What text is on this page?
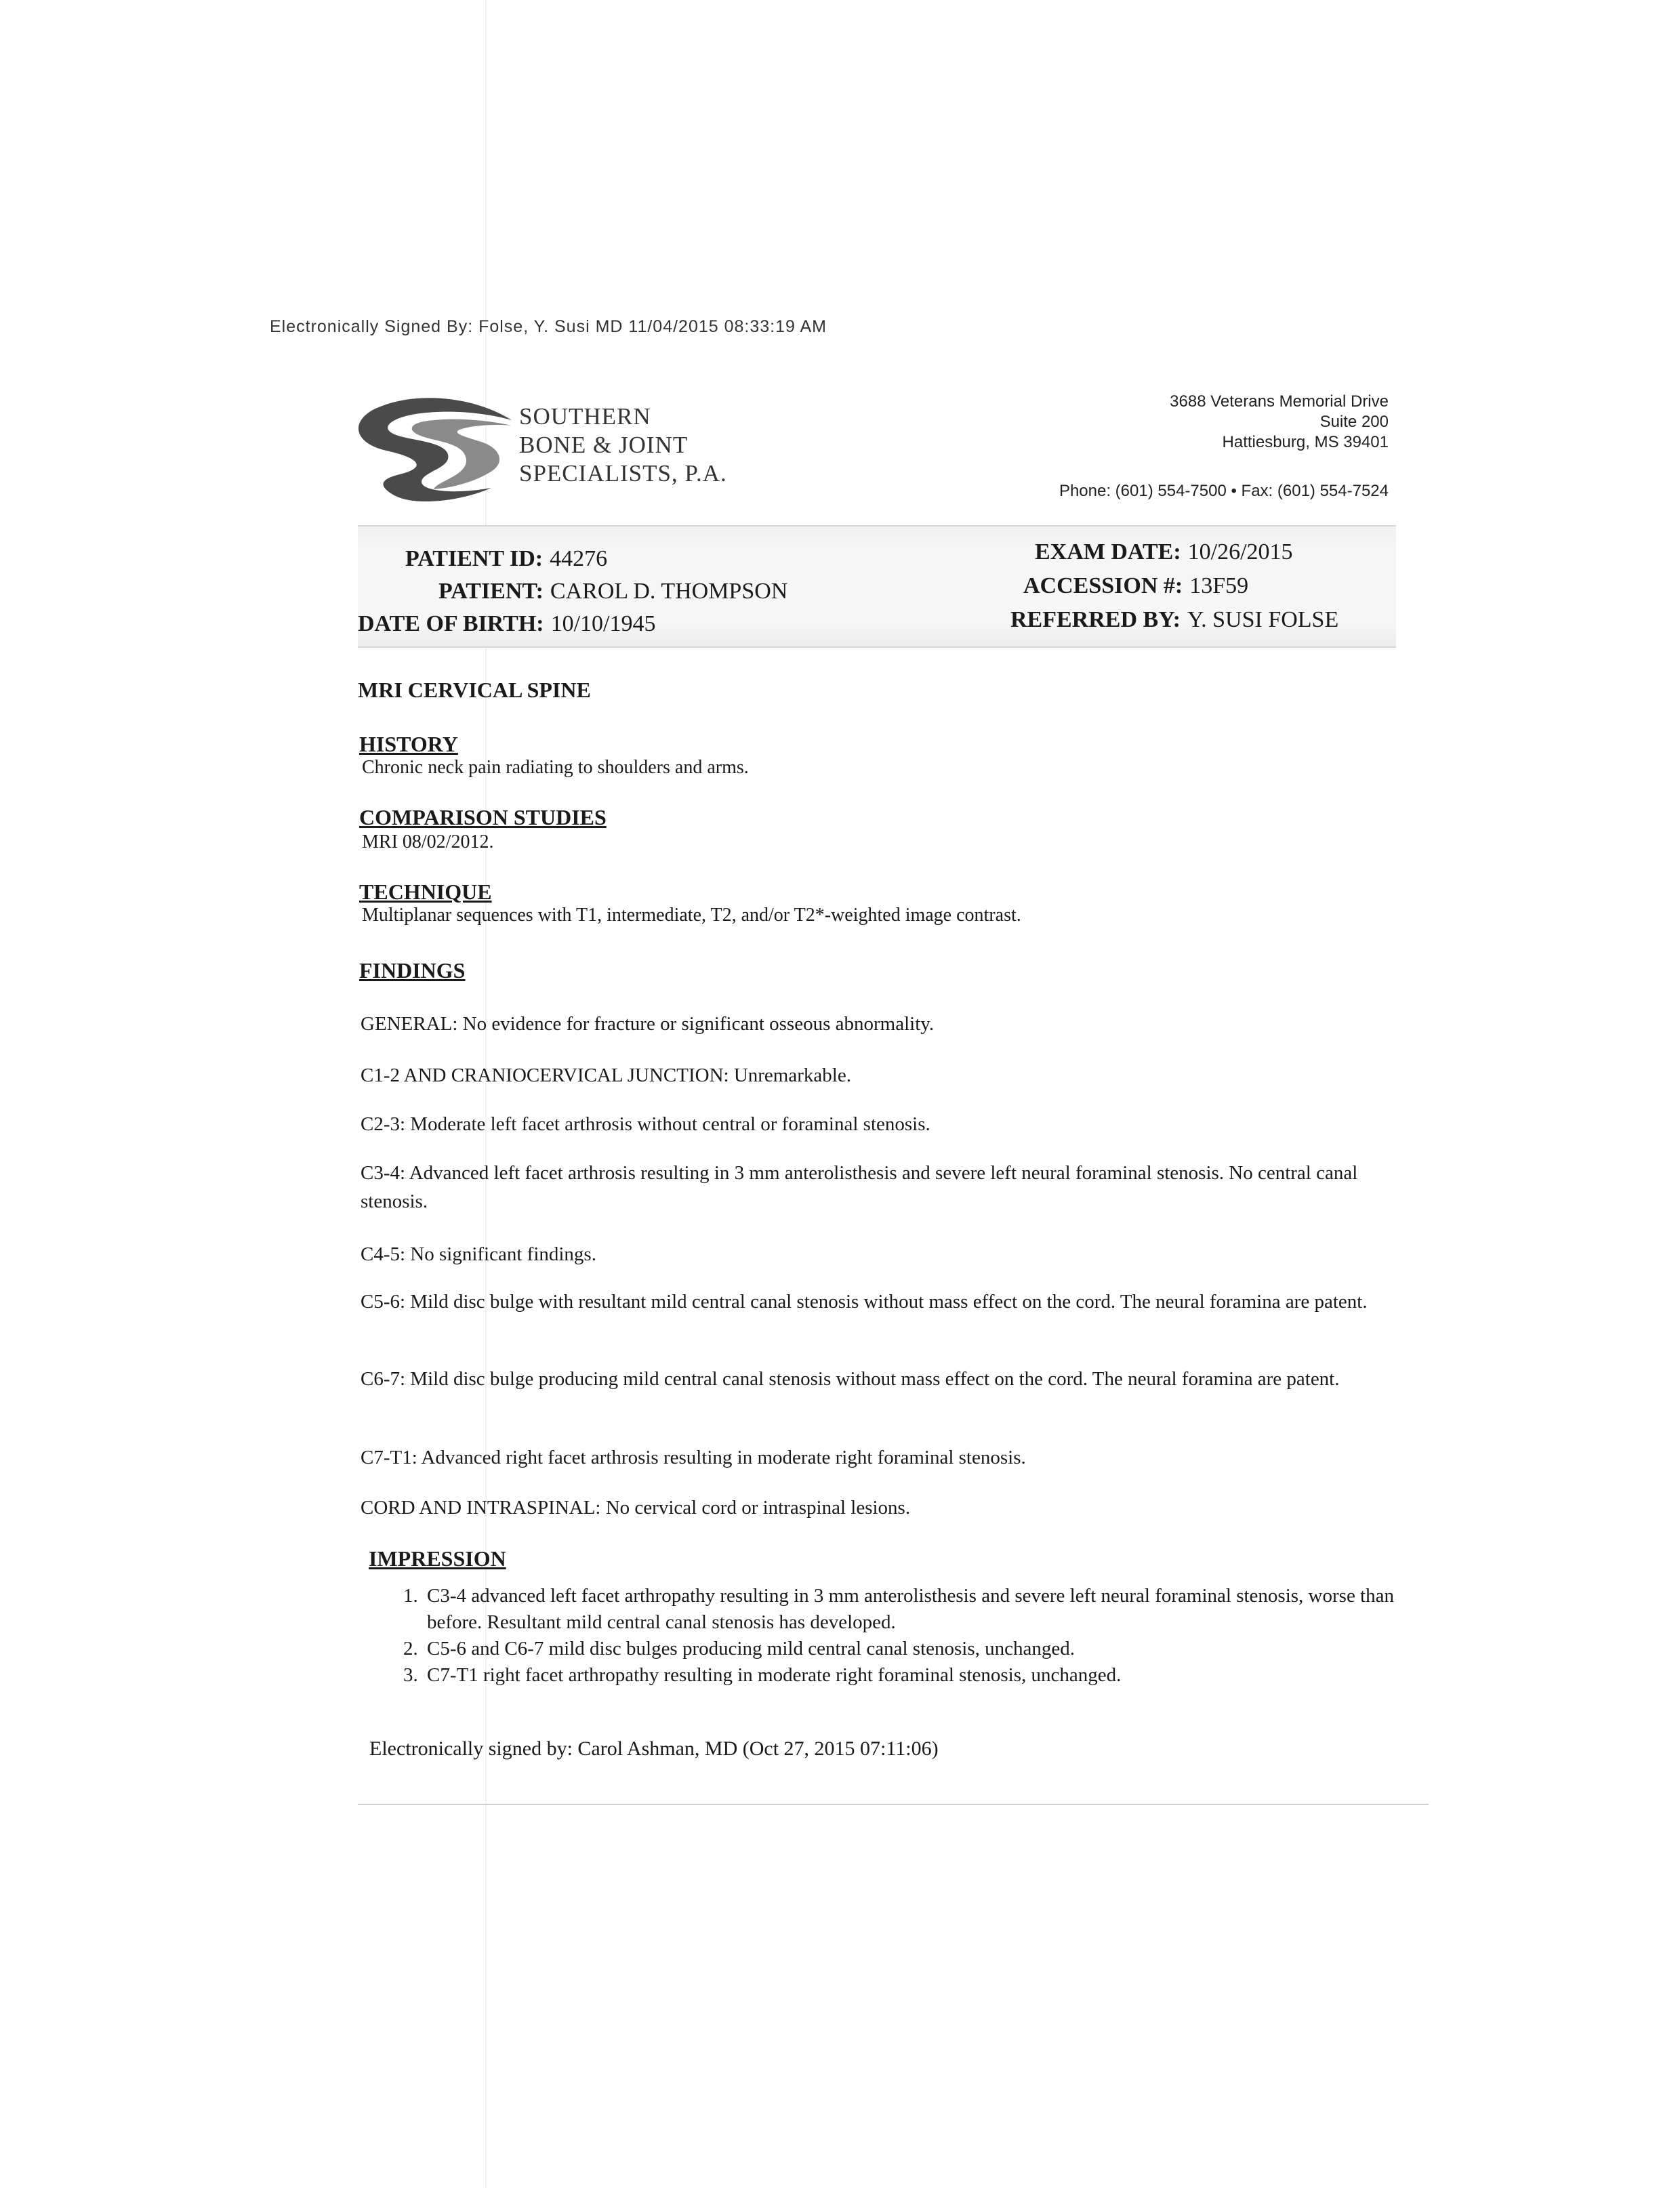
Electronically Signed By: Folse, Y. Susi MD 11/04/2015 08:33:19 AM
SOUTHERN
BONE & JOINT
SPECIALISTS, P.A.
3688 Veterans Memorial Drive
Suite 200
Hattiesburg, MS 39401
Phone: (601) 554-7500 • Fax: (601) 554-7524
PATIENT ID: 44276
PATIENT: CAROL D. THOMPSON
DATE OF BIRTH: 10/10/1945
EXAM DATE: 10/26/2015
ACCESSION #: 13F59
REFERRED BY: Y. SUSI FOLSE
MRI CERVICAL SPINE
HISTORY
Chronic neck pain radiating to shoulders and arms.
COMPARISON STUDIES
MRI 08/02/2012.
TECHNIQUE
Multiplanar sequences with T1, intermediate, T2, and/or T2*-weighted image contrast.
FINDINGS
GENERAL: No evidence for fracture or significant osseous abnormality.
C1-2 AND CRANIOCERVICAL JUNCTION: Unremarkable.
C2-3: Moderate left facet arthrosis without central or foraminal stenosis.
C3-4: Advanced left facet arthrosis resulting in 3 mm anterolisthesis and severe left neural foraminal stenosis. No central canal stenosis.
C4-5: No significant findings.
C5-6: Mild disc bulge with resultant mild central canal stenosis without mass effect on the cord. The neural foramina are patent.
C6-7: Mild disc bulge producing mild central canal stenosis without mass effect on the cord. The neural foramina are patent.
C7-T1: Advanced right facet arthrosis resulting in moderate right foraminal stenosis.
CORD AND INTRASPINAL: No cervical cord or intraspinal lesions.
IMPRESSION
1. C3-4 advanced left facet arthropathy resulting in 3 mm anterolisthesis and severe left neural foraminal stenosis, worse than before. Resultant mild central canal stenosis has developed.
2. C5-6 and C6-7 mild disc bulges producing mild central canal stenosis, unchanged.
3. C7-T1 right facet arthropathy resulting in moderate right foraminal stenosis, unchanged.
Electronically signed by: Carol Ashman, MD (Oct 27, 2015 07:11:06)
